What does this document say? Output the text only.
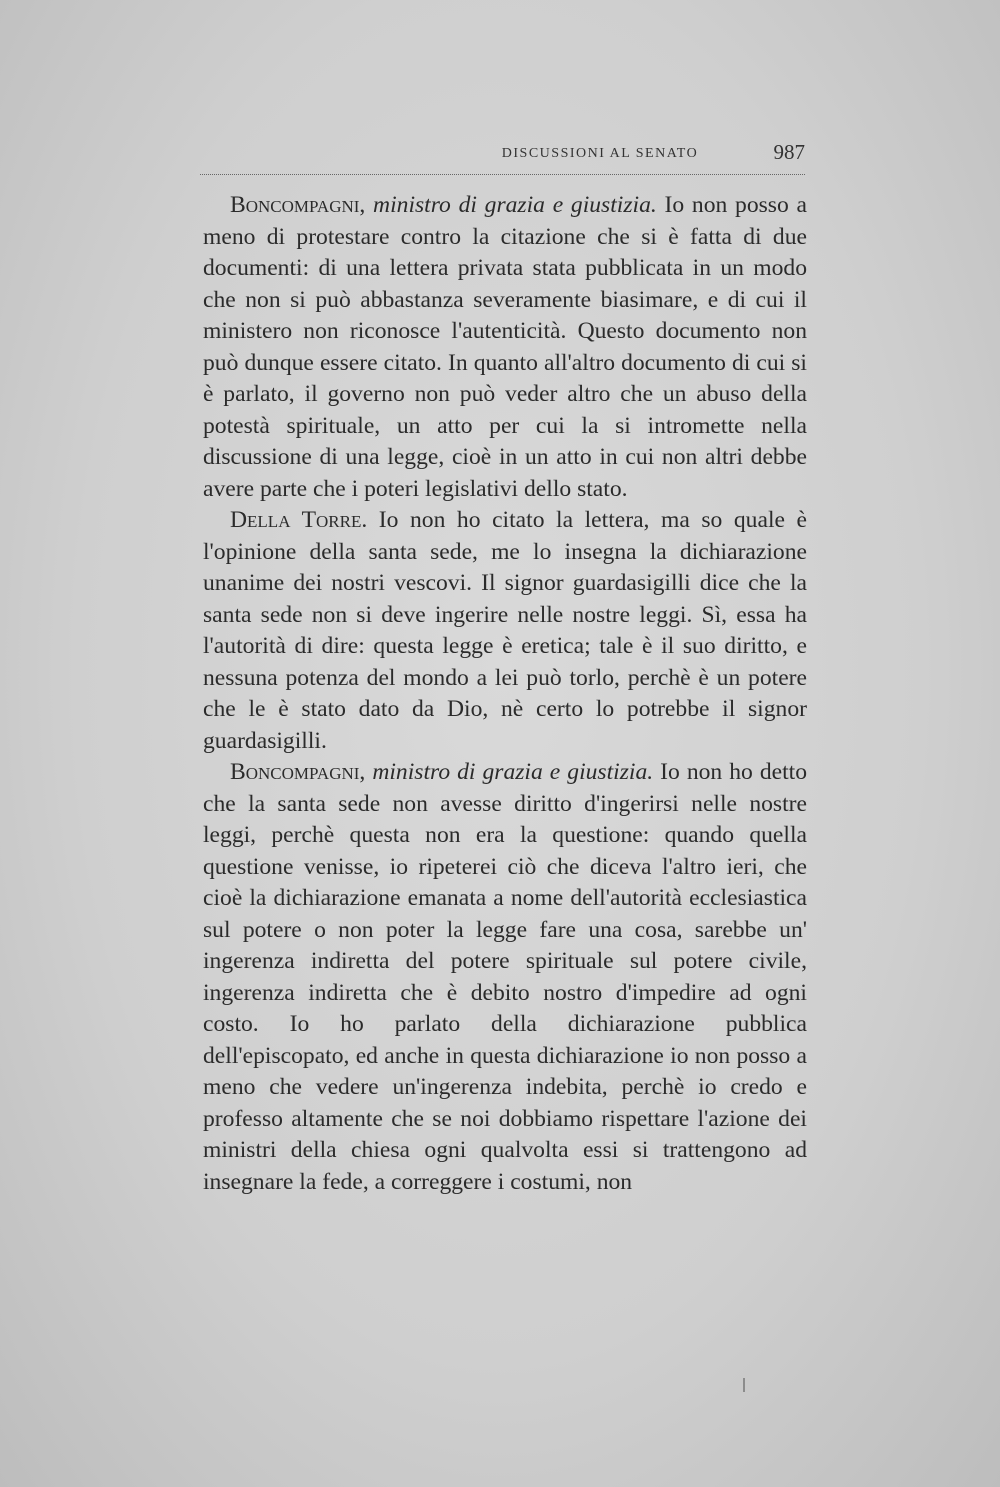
DISCUSSIONI AL SENATO	987

Boncompagni, ministro di grazia e giustizia. Io non posso a meno di protestare contro la citazione che si è fatta di due documenti: di una lettera privata stata pubblicata in un modo che non si può abbastanza severamente biasimare, e di cui il ministero non riconosce l'autenticità. Questo documento non può dunque essere citato. In quanto all'altro documento di cui si è parlato, il governo non può veder altro che un abuso della potestà spirituale, un atto per cui la si intromette nella discussione di una legge, cioè in un atto in cui non altri debbe avere parte che i poteri legislativi dello stato.

Della Torre. Io non ho citato la lettera, ma so quale è l'opinione della santa sede, me lo insegna la dichiarazione unanime dei nostri vescovi. Il signor guardasigilli dice che la santa sede non si deve ingerire nelle nostre leggi. Sì, essa ha l'autorità di dire: questa legge è eretica; tale è il suo diritto, e nessuna potenza del mondo a lei può torlo, perchè è un potere che le è stato dato da Dio, nè certo lo potrebbe il signor guardasigilli.

Boncompagni, ministro di grazia e giustizia. Io non ho detto che la santa sede non avesse diritto d'ingerirsi nelle nostre leggi, perchè questa non era la questione: quando quella questione venisse, io ripeterei ciò che diceva l'altro ieri, che cioè la dichiarazione emanata a nome dell'autorità ecclesiastica sul potere o non poter la legge fare una cosa, sarebbe un' ingerenza indiretta del potere spirituale sul potere civile, ingerenza indiretta che è debito nostro d'impedire ad ogni costo. Io ho parlato della dichiarazione pubblica dell'episcopato, ed anche in questa dichiarazione io non posso a meno che vedere un'ingerenza indebita, perchè io credo e professo altamente che se noi dobbiamo rispettare l'azione dei ministri della chiesa ogni qualvolta essi si trattengono ad insegnare la fede, a correggere i costumi, non
